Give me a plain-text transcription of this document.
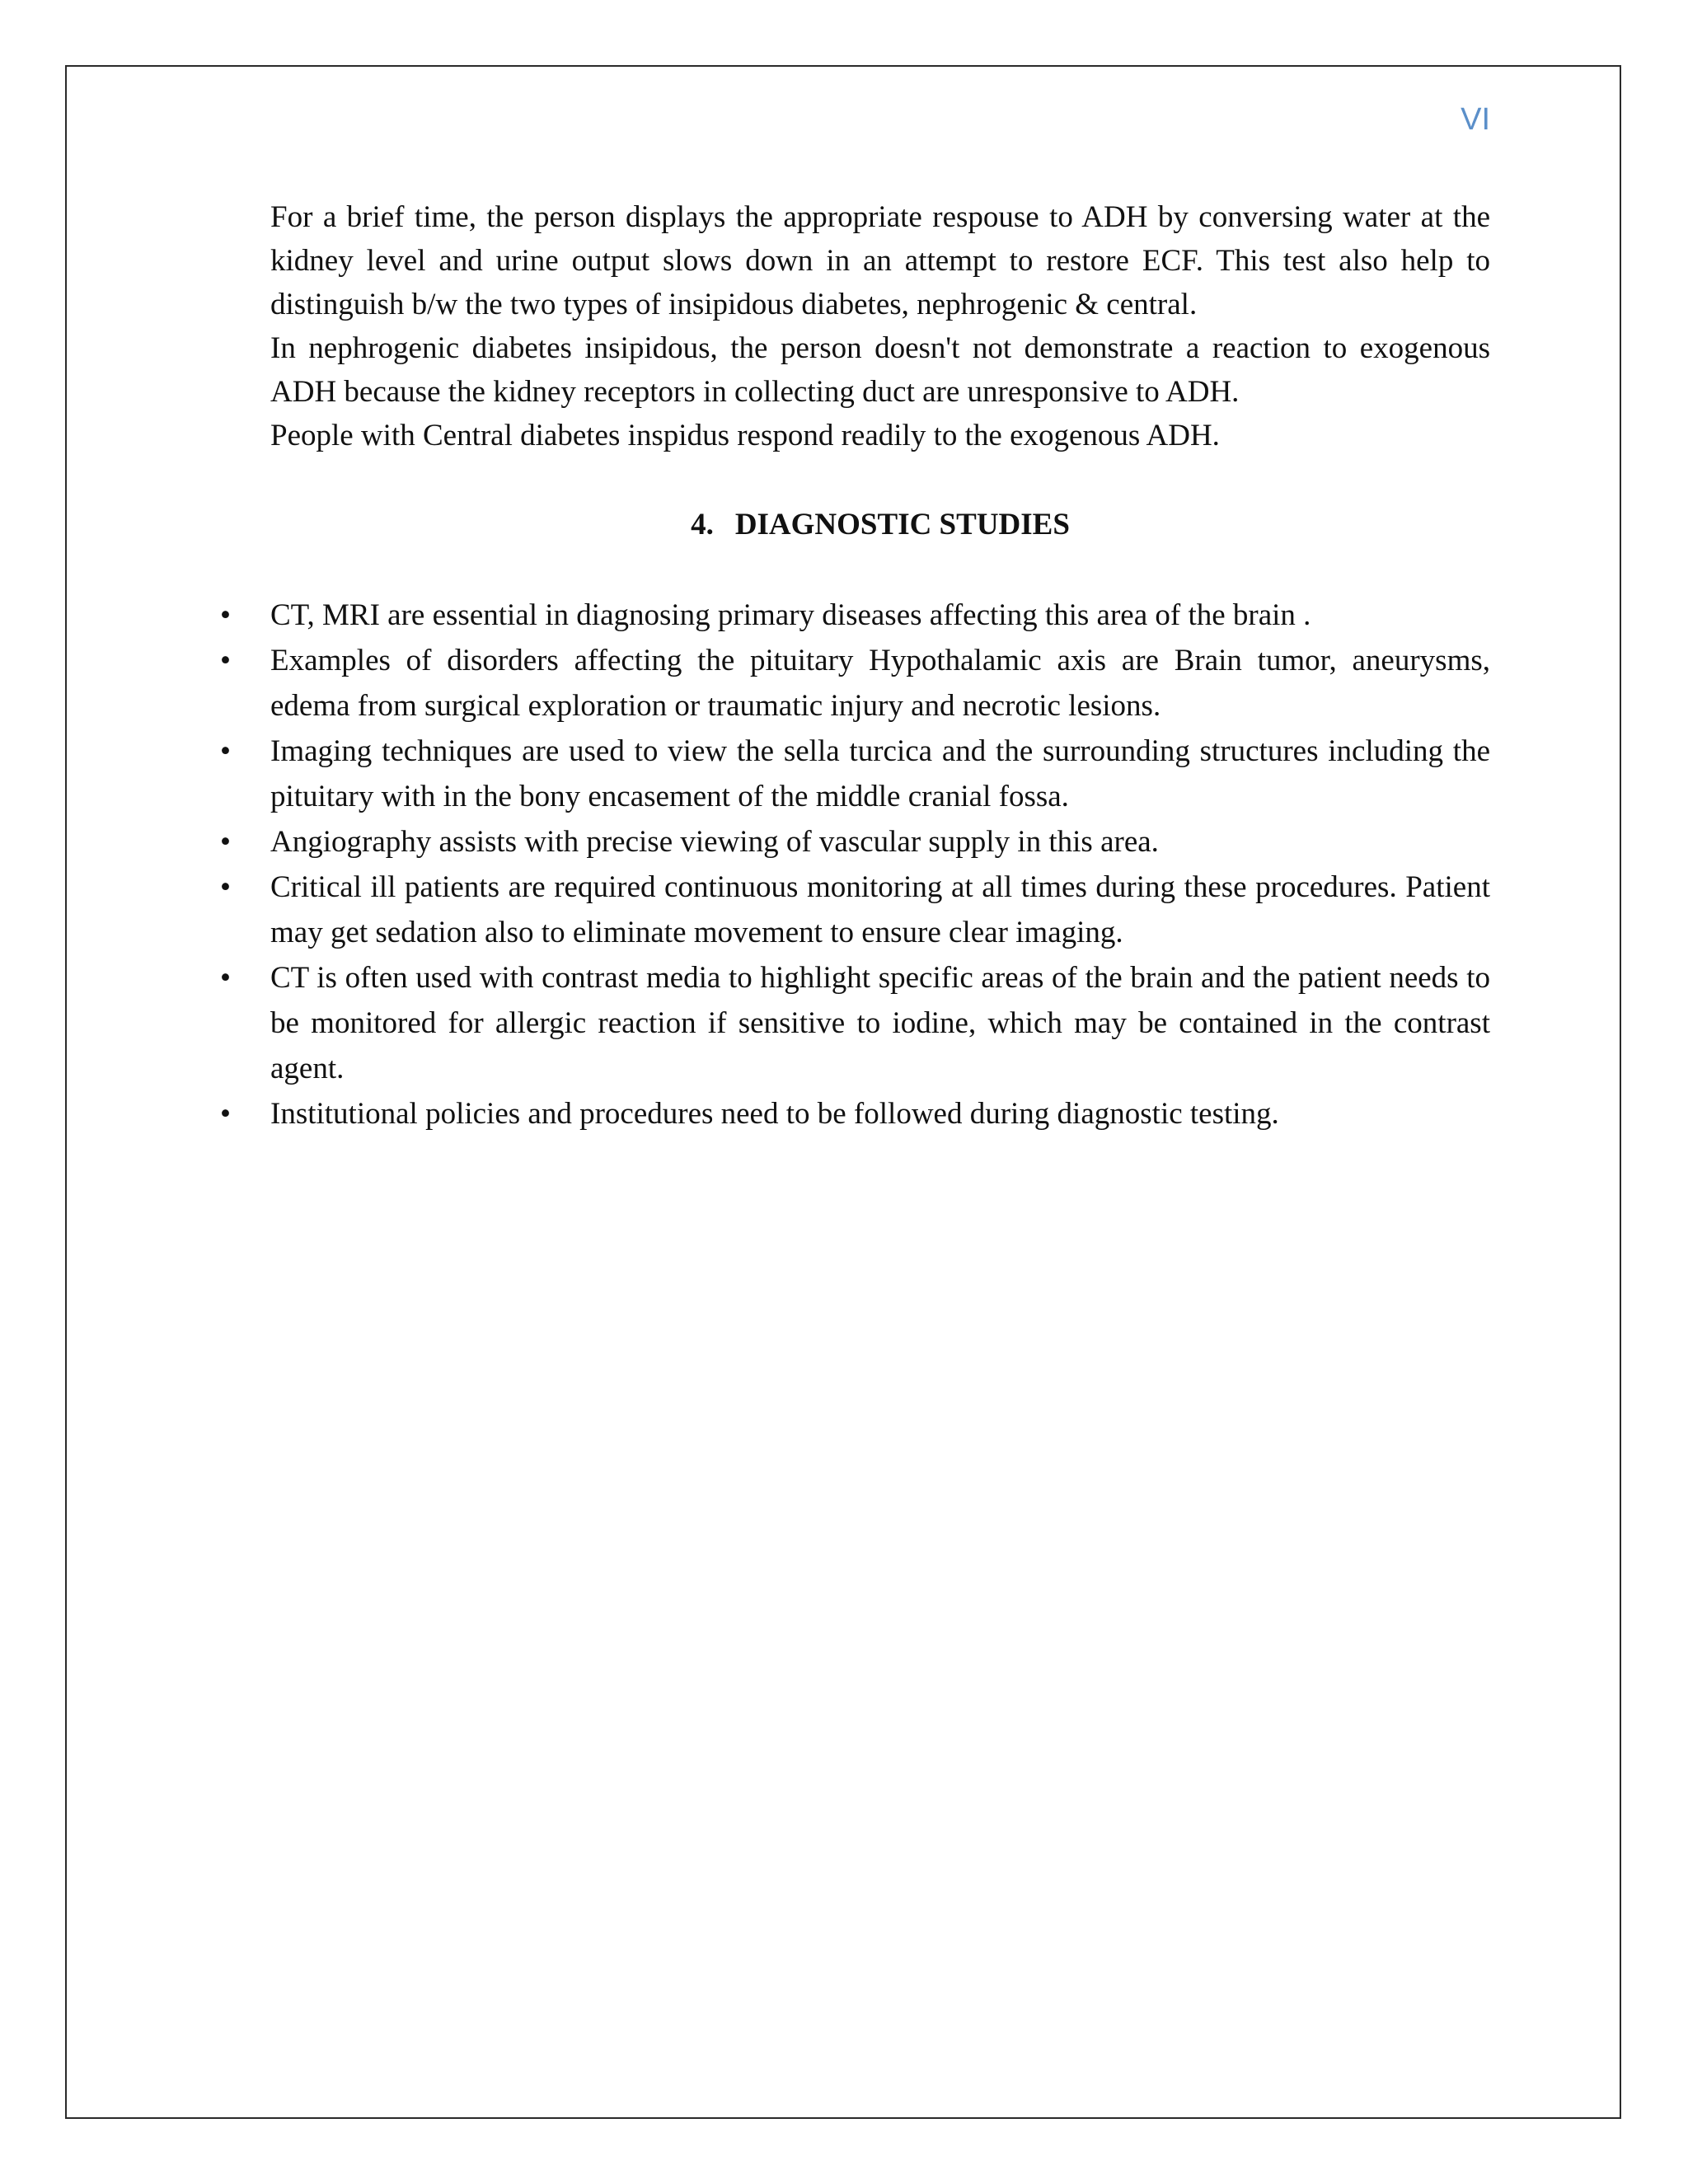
VI

For a brief time, the person displays the appropriate respouse to ADH by conversing water at the kidney level and urine output slows down in an attempt to restore ECF. This test also help to distinguish b/w the two types of insipidous diabetes, nephrogenic & central.

In nephrogenic diabetes insipidous, the person doesn't not demonstrate a reaction to exogenous ADH because the kidney receptors in collecting duct are unresponsive to ADH.

People with Central diabetes inspidus respond readily to the exogenous ADH.

4. DIAGNOSTIC STUDIES
• CT, MRI are essential in diagnosing primary diseases affecting this area of the brain .
• Examples of disorders affecting the pituitary Hypothalamic axis are Brain tumor, aneurysms, edema from surgical exploration or traumatic injury and necrotic lesions.
• Imaging techniques are used to view the sella turcica and the surrounding structures including the pituitary with in the bony encasement of the middle cranial fossa.
• Angiography assists with precise viewing of vascular supply in this area.
• Critical ill patients are required continuous monitoring at all times during these procedures. Patient may get sedation also to eliminate movement to ensure clear imaging.
• CT is often used with contrast media to highlight specific areas of the brain and the patient needs to be monitored for allergic reaction if sensitive to iodine, which may be contained in the contrast agent.
• Institutional policies and procedures need to be followed during diagnostic testing.
